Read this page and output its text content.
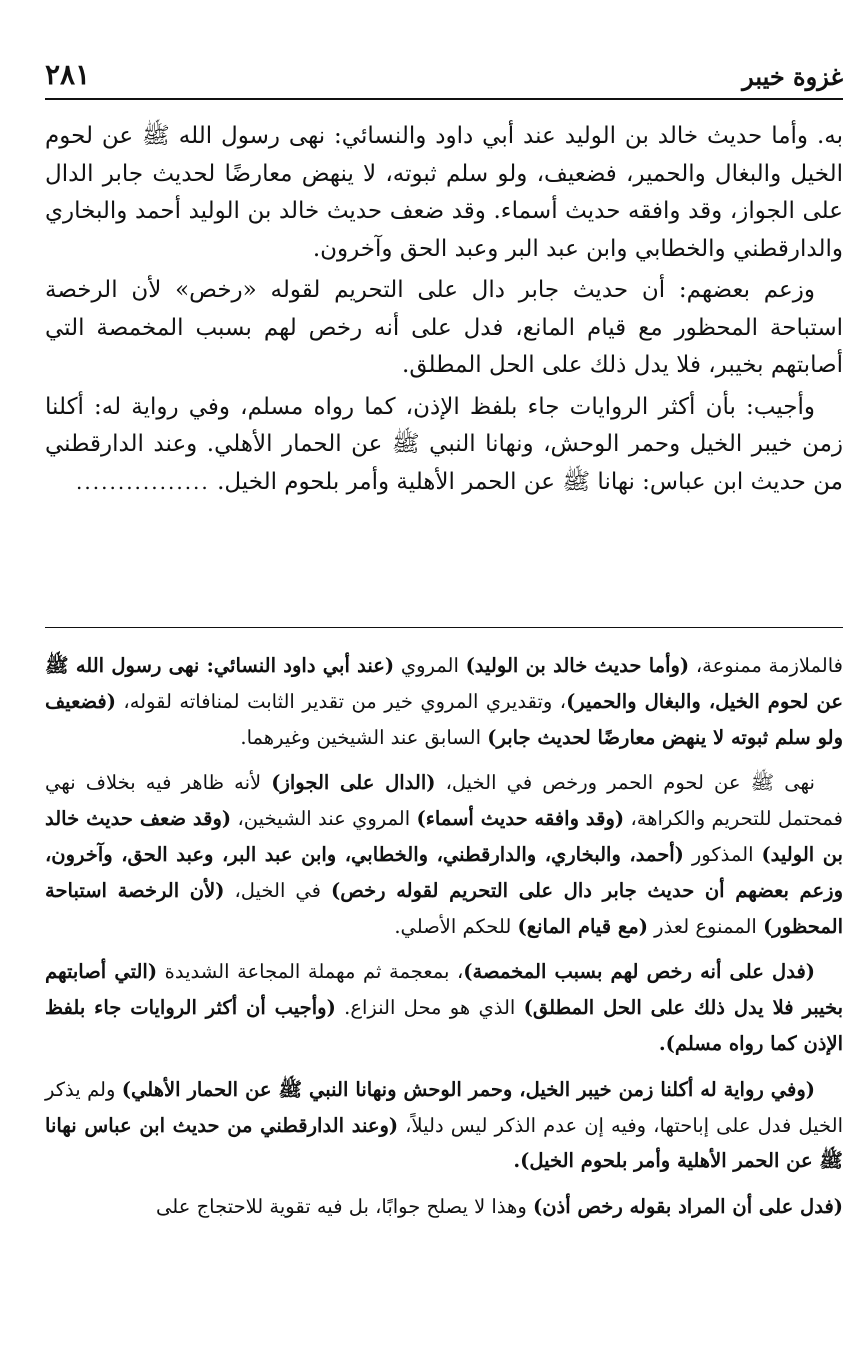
غزوة خيبر
٢٨١

به. وأما حديث خالد بن الوليد عند أبي داود والنسائي: نهى رسول الله ﷺ عن لحوم الخيل والبغال والحمير، فضعيف، ولو سلم ثبوته، لا ينهض معارضًا لحديث جابر الدال على الجواز، وقد وافقه حديث أسماء. وقد ضعف حديث خالد بن الوليد أحمد والبخاري والدارقطني والخطابي وابن عبد البر وعبد الحق وآخرون.

وزعم بعضهم: أن حديث جابر دال على التحريم لقوله «رخص» لأن الرخصة استباحة المحظور مع قيام المانع، فدل على أنه رخص لهم بسبب المخمصة التي أصابتهم بخيبر، فلا يدل ذلك على الحل المطلق.

وأجيب: بأن أكثر الروايات جاء بلفظ الإذن، كما رواه مسلم، وفي رواية له: أكلنا زمن خيبر الخيل وحمر الوحش، ونهانا النبي ﷺ عن الحمار الأهلي. وعند الدارقطني من حديث ابن عباس: نهانا ﷺ عن الحمر الأهلية وأمر بلحوم الخيل. ................

فالملازمة ممنوعة، (وأما حديث خالد بن الوليد) المروي (عند أبي داود النسائي: نهى رسول الله ﷺ عن لحوم الخيل، والبغال والحمير)، وتقديري المروي خير من تقدير الثابت لمنافاته لقوله، (فضعيف ولو سلم ثبوته لا ينهض معارضًا لحديث جابر) السابق عند الشيخين وغيرهما.

نهى ﷺ عن لحوم الحمر ورخص في الخيل، (الدال على الجواز) لأنه ظاهر فيه بخلاف نهي فمحتمل للتحريم والكراهة، (وقد وافقه حديث أسماء) المروي عند الشيخين، (وقد ضعف حديث خالد بن الوليد) المذكور (أحمد، والبخاري، والدارقطني، والخطابي، وابن عبد البر، وعبد الحق، وآخرون، وزعم بعضهم أن حديث جابر دال على التحريم لقوله رخص) في الخيل، (لأن الرخصة استباحة المحظور) الممنوع لعذر (مع قيام المانع) للحكم الأصلي.

(فدل على أنه رخص لهم بسبب المخمصة)، بمعجمة ثم مهملة المجاعة الشديدة (التي أصابتهم بخيبر فلا يدل ذلك على الحل المطلق) الذي هو محل النزاع. (وأجيب أن أكثر الروايات جاء بلفظ الإذن كما رواه مسلم).

(وفي رواية له أكلنا زمن خيبر الخيل، وحمر الوحش ونهانا النبي ﷺ عن الحمار الأهلي) ولم يذكر الخيل فدل على إباحتها، وفيه إن عدم الذكر ليس دليلاً، (وعند الدارقطني من حديث ابن عباس نهانا ﷺ عن الحمر الأهلية وأمر بلحوم الخيل).

(فدل على أن المراد بقوله رخص أذن) وهذا لا يصلح جوابًا، بل فيه تقوية للاحتجاج على
